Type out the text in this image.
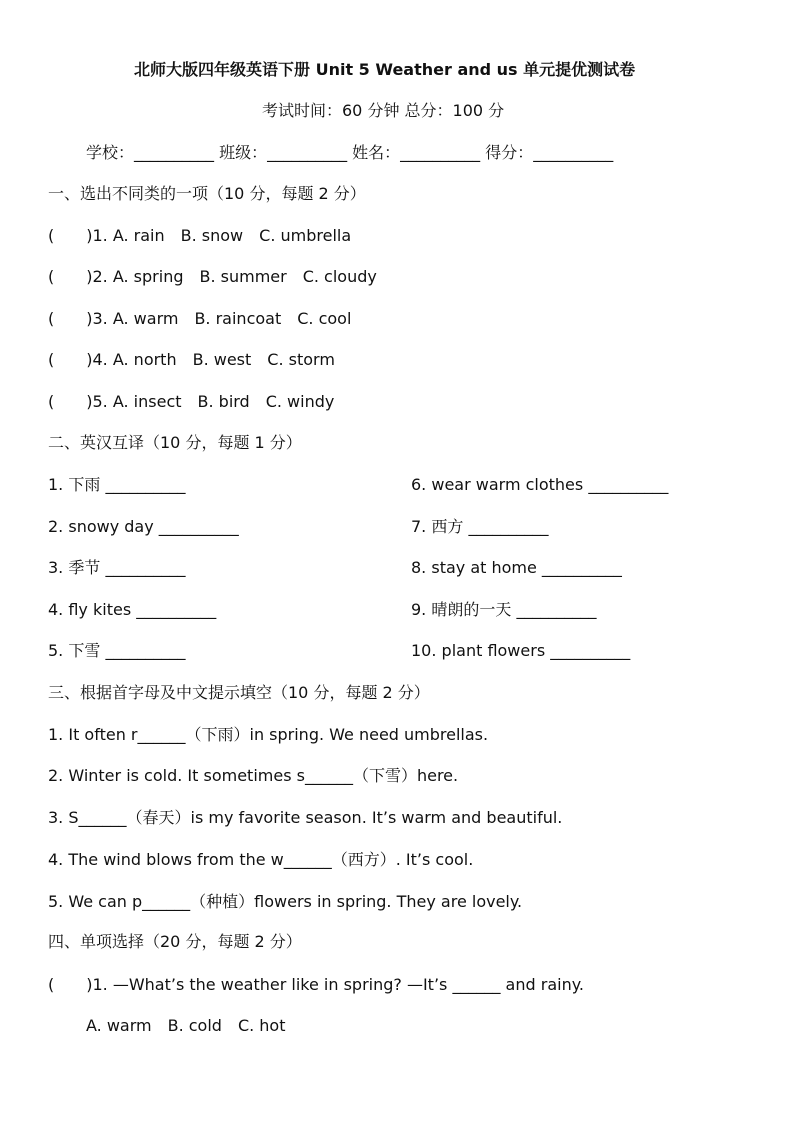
北师大版四年级英语下册 Unit 5 Weather and us 单元提优测试卷
考试时间：60 分钟 总分：100 分
学校：__________ 班级：__________ 姓名：__________ 得分：__________
一、选出不同类的一项（10 分，每题 2 分）
(　　)1. A. rain　B. snow　C. umbrella
(　　)2. A. spring　B. summer　C. cloudy
(　　)3. A. warm　B. raincoat　C. cool
(　　)4. A. north　B. west　C. storm
(　　)5. A. insect　B. bird　C. windy
二、英汉互译（10 分，每题 1 分）
1. 下雨 __________
2. snowy day __________
3. 季节 __________
4. fly kites __________
5. 下雪 __________
6. wear warm clothes __________
7. 西方 __________
8. stay at home __________
9. 晴朗的一天 __________
10. plant flowers __________
三、根据首字母及中文提示填空（10 分，每题 2 分）
1. It often r______（下雨）in spring. We need umbrellas.
2. Winter is cold. It sometimes s______（下雪）here.
3. S______（春天）is my favorite season. It’s warm and beautiful.
4. The wind blows from the w______（西方）. It’s cool.
5. We can p______（种植）flowers in spring. They are lovely.
四、单项选择（20 分，每题 2 分）
(　　)1. —What’s the weather like in spring? —It’s ______ and rainy.
A. warm　B. cold　C. hot
